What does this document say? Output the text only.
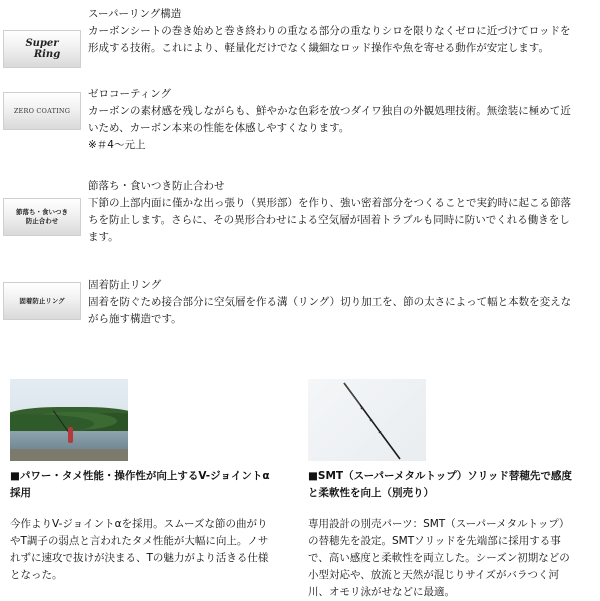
Super
Ring
スーパーリング構造
カーボンシートの巻き始めと巻き終わりの重なる部分の重なりシロを限りなくゼロに近づけてロッドを
形成する技術。これにより、軽量化だけでなく繊細なロッド操作や魚を寄せる動作が安定します。
ZERO COATING
ゼロコーティング
カーボンの素材感を残しながらも、鮮やかな色彩を放つダイワ独自の外観処理技術。無塗装に極めて近
いため、カーボン本来の性能を体感しやすくなります。
※＃4〜元上
節落ち・食いつき
防止合わせ
節落ち・食いつき防止合わせ
下節の上部内面に僅かな出っ張り（異形部）を作り、強い密着部分をつくることで実釣時に起こる節落
ちを防止します。さらに、その異形合わせによる空気層が固着トラブルも同時に防いでくれる働きをし
ます。
固着防止リング
固着防止リング
固着を防ぐため接合部分に空気層を作る溝（リング）切り加工を、節の太さによって幅と本数を変えな
がら施す構造です。
■パワー・タメ性能・操作性が向上するV-ジョイントα
採用
■SMT（スーパーメタルトップ）ソリッド替穂先で感度
と柔軟性を向上（別売り）
今作よりV-ジョイントαを採用。スムーズな節の曲がり
やT調子の弱点と言われたタメ性能が大幅に向上。ノサ
れずに速攻で抜けが決まる、Tの魅力がより活きる仕様
となった。
専用設計の別売パーツ：SMT（スーパーメタルトップ）
の替穂先を設定。SMTソリッドを先端部に採用する事
で、高い感度と柔軟性を両立した。シーズン初期などの
小型対応や、放流と天然が混じりサイズがバラつく河
川、オモリ泳がせなどに最適。
